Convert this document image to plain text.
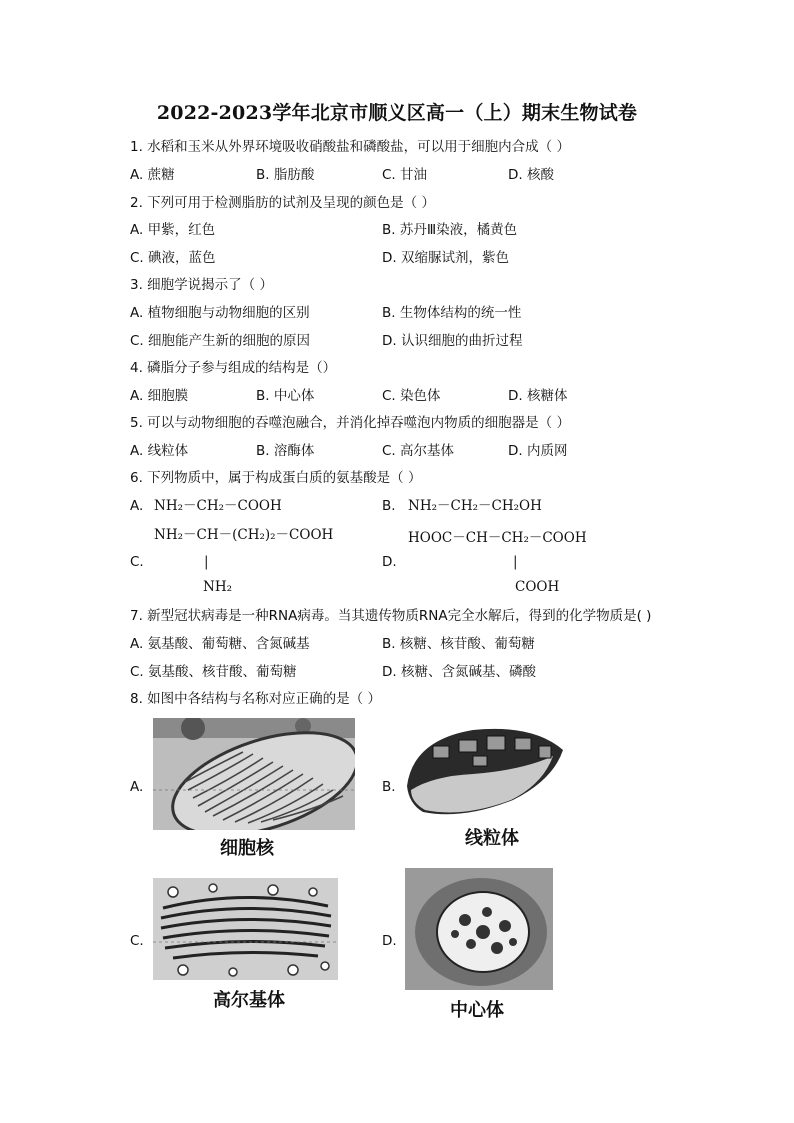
2022-2023学年北京市顺义区高一（上）期末生物试卷
1. 水稻和玉米从外界环境吸收硝酸盐和磷酸盐，可以用于细胞内合成（ ）
A. 蔗糖	B. 脂肪酸	C. 甘油	D. 核酸
2. 下列可用于检测脂肪的试剂及呈现的颜色是（ ）
A. 甲紫，红色	B. 苏丹Ⅲ染液，橘黄色
C. 碘液，蓝色	D. 双缩脲试剂，紫色
3. 细胞学说揭示了（ ）
A. 植物细胞与动物细胞的区别	B. 生物体结构的统一性
C. 细胞能产生新的细胞的原因	D. 认识细胞的曲折过程
4. 磷脂分子参与组成的结构是（）
A. 细胞膜	B. 中心体	C. 染色体	D. 核糖体
5. 可以与动物细胞的吞噬泡融合，并消化掉吞噬泡内物质的细胞器是（ ）
A. 线粒体	B. 溶酶体	C. 高尔基体	D. 内质网
6. 下列物质中，属于构成蛋白质的氨基酸是（ ）
A. NH₂－CH₂－COOH	B. NH₂－CH₂－CH₂OH
NH₂－CH－(CH₂)₂－COOH
|
C.
NH₂
HOOC－CH－CH₂－COOH
|
D.
COOH
7. 新型冠状病毒是一种RNA病毒。当其遗传物质RNA完全水解后，得到的化学物质是( )
A. 氨基酸、葡萄糖、含氮碱基	B. 核糖、核苷酸、葡萄糖
C. 氨基酸、核苷酸、葡萄糖	D. 核糖、含氮碱基、磷酸
8. 如图中各结构与名称对应正确的是（ ）
A.
细胞核
B.
线粒体
C.
高尔基体
D.
中心体
